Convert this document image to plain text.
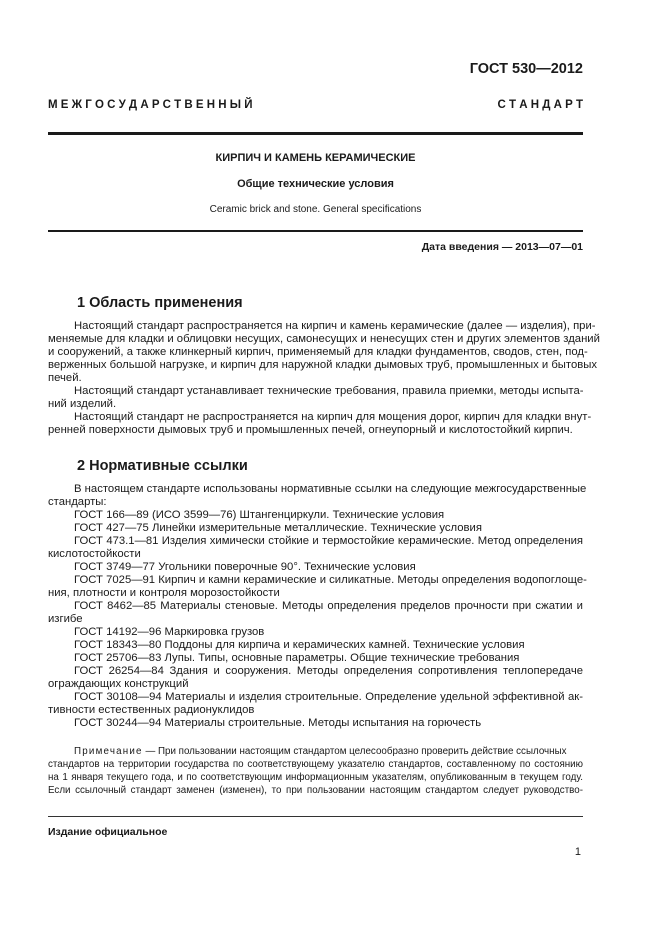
ГОСТ 530—2012
М Е Ж Г О С У Д А Р С Т В Е Н Н Ы Й	С Т А Н Д А Р Т
КИРПИЧ И КАМЕНЬ КЕРАМИЧЕСКИЕ
Общие технические условия
Ceramic brick and stone. General specifications
Дата введения — 2013—07—01
1 Область применения
Настоящий стандарт распространяется на кирпич и камень керамические (далее — изделия), при-
меняемые для кладки и облицовки несущих, самонесущих и ненесущих стен и других элементов зданий
и сооружений, а также клинкерный кирпич, применяемый для кладки фундаментов, сводов, стен, под-
верженных большой нагрузке, и кирпич для наружной кладки дымовых труб, промышленных и бытовых
печей.
Настоящий стандарт устанавливает технические требования, правила приемки, методы испыта-
ний изделий.
Настоящий стандарт не распространяется на кирпич для мощения дорог, кирпич для кладки внут-
ренней поверхности дымовых труб и промышленных печей, огнеупорный и кислотостойкий кирпич.
2 Нормативные ссылки
В настоящем стандарте использованы нормативные ссылки на следующие межгосударственные
стандарты:
ГОСТ 166—89 (ИСО 3599—76) Штангенциркули. Технические условия
ГОСТ 427—75 Линейки измерительные металлические. Технические условия
ГОСТ 473.1—81 Изделия химически стойкие и термостойкие керамические. Метод определения
кислотостойкости
ГОСТ 3749—77 Угольники поверочные 90°. Технические условия
ГОСТ 7025—91 Кирпич и камни керамические и силикатные. Методы определения водопоглоще-
ния, плотности и контроля морозостойкости
ГОСТ 8462—85 Материалы стеновые. Методы определения пределов прочности при сжатии и
изгибе
ГОСТ 14192—96 Маркировка грузов
ГОСТ 18343—80 Поддоны для кирпича и керамических камней. Технические условия
ГОСТ 25706—83 Лупы. Типы, основные параметры. Общие технические требования
ГОСТ 26254—84 Здания и сооружения. Методы определения сопротивления теплопередаче
ограждающих конструкций
ГОСТ 30108—94 Материалы и изделия строительные. Определение удельной эффективной ак-
тивности естественных радионуклидов
ГОСТ 30244—94 Материалы строительные. Методы испытания на горючесть
Примечание — При пользовании настоящим стандартом целесообразно проверить действие ссылочных
стандартов на территории государства по соответствующему указателю стандартов, составленному по состоянию
на 1 января текущего года, и по соответствующим информационным указателям, опубликованным в текущем году.
Если ссылочный стандарт заменен (изменен), то при пользовании настоящим стандартом следует руководство-
Издание официальное
1
